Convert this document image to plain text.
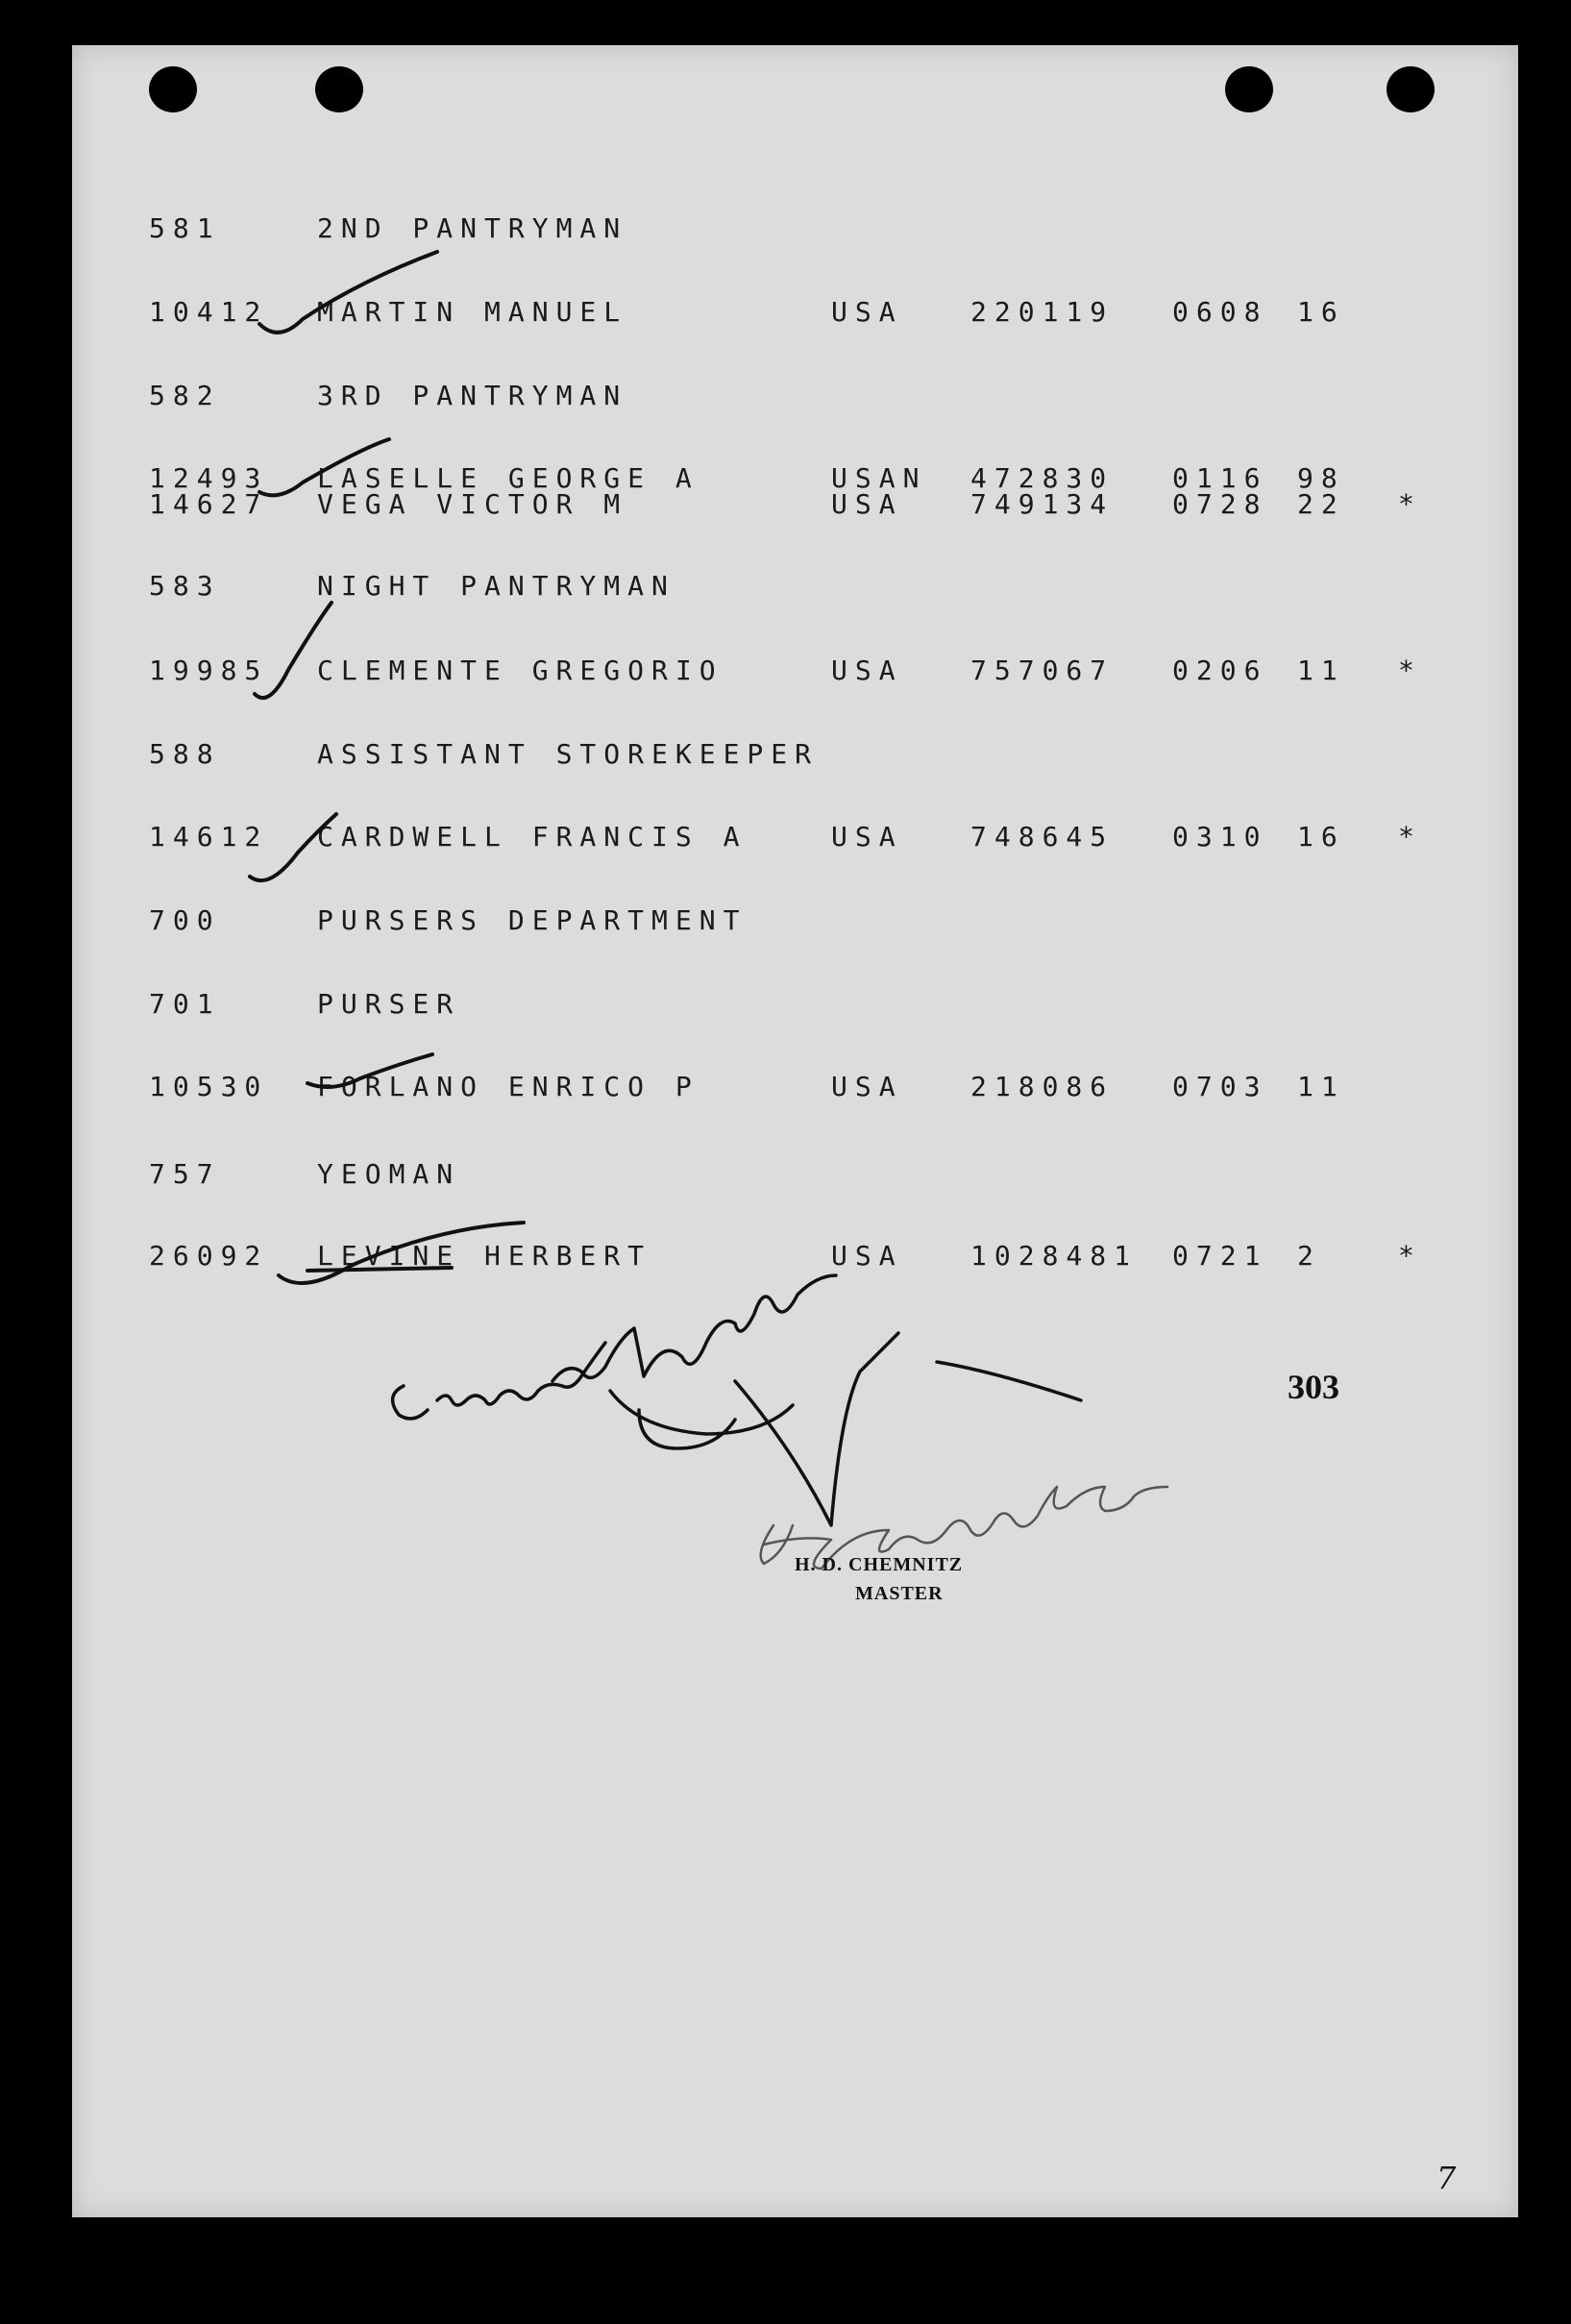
581	2ND PANTRYMAN
10412 MARTIN MANUEL	USA	220119 0608 16
582	3RD PANTRYMAN
12493 LASELLE GEORGE A	USAN 472830 0116 98
14627 VEGA VICTOR M	USA	749134 0728 22 *
583	NIGHT PANTRYMAN
19985 CLEMENTE GREGORIO	USA	757067 0206 11 *
588	ASSISTANT STOREKEEPER
14612 CARDWELL FRANCIS A	USA	748645 0310 16 *
700	PURSERS DEPARTMENT
701	PURSER
10530 FORLANO ENRICO P	USA	218086 0703 11
757	YEOMAN
26092 LEVINE HERBERT	USA	1028481 0721 2	*
303
H. D. CHEMNITZ
MASTER
7
